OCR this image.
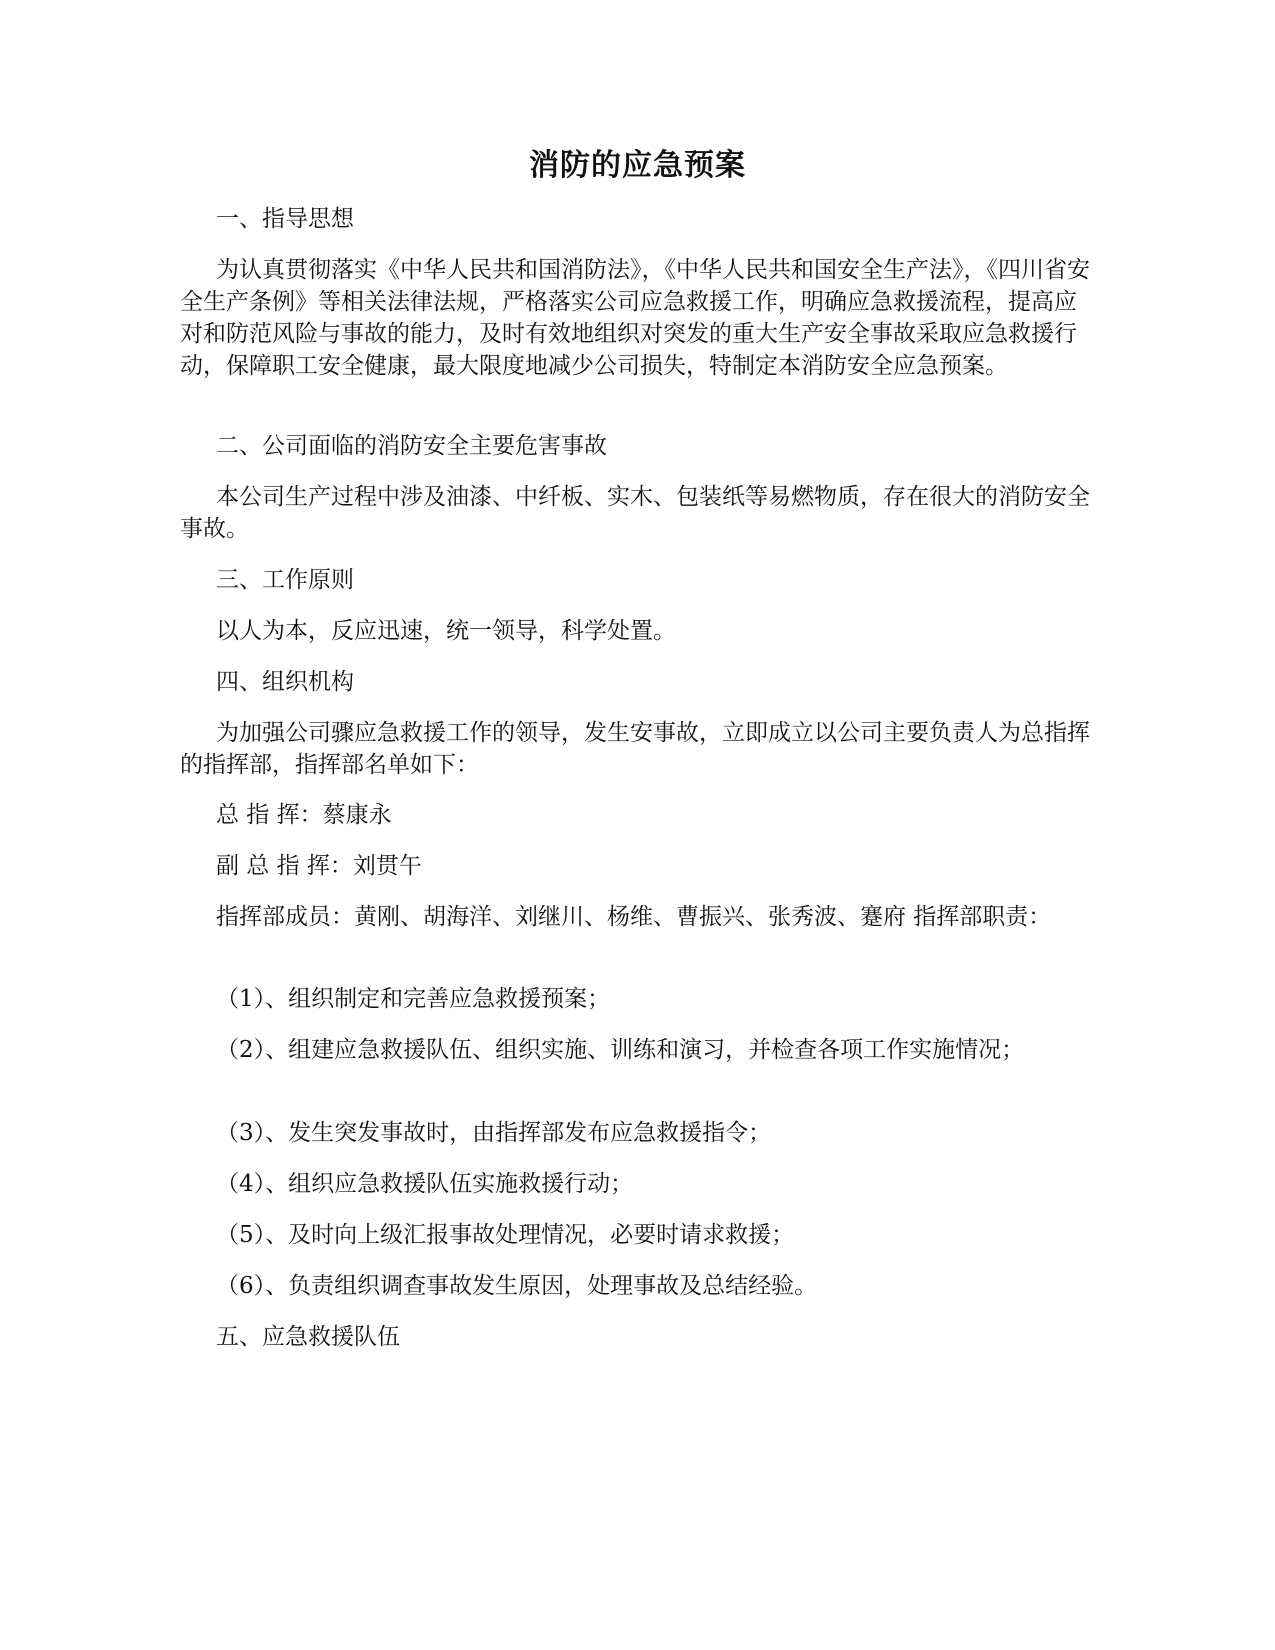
消防的应急预案

一、指导思想

为认真贯彻落实《中华人民共和国消防法》，《中华人民共和国安全生产法》，《四川省安全生产条例》等相关法律法规，严格落实公司应急救援工作，明确应急救援流程，提高应对和防范风险与事故的能力，及时有效地组织对突发的重大生产安全事故采取应急救援行动，保障职工安全健康，最大限度地减少公司损失，特制定本消防安全应急预案。

二、公司面临的消防安全主要危害事故

本公司生产过程中涉及油漆、中纤板、实木、包装纸等易燃物质，存在很大的消防安全事故。

三、工作原则

以人为本，反应迅速，统一领导，科学处置。

四、组织机构

为加强公司骤应急救援工作的领导，发生安事故，立即成立以公司主要负责人为总指挥的指挥部，指挥部名单如下：

总 指 挥：蔡康永

副 总 指 挥：刘贯午

指挥部成员：黄刚、胡海洋、刘继川、杨维、曹振兴、张秀波、蹇府 指挥部职责：

（1）、组织制定和完善应急救援预案；

（2）、组建应急救援队伍、组织实施、训练和演习，并检查各项工作实施情况；

（3）、发生突发事故时，由指挥部发布应急救援指令；

（4）、组织应急救援队伍实施救援行动；

（5）、及时向上级汇报事故处理情况，必要时请求救援；

（6）、负责组织调查事故发生原因，处理事故及总结经验。

五、应急救援队伍
